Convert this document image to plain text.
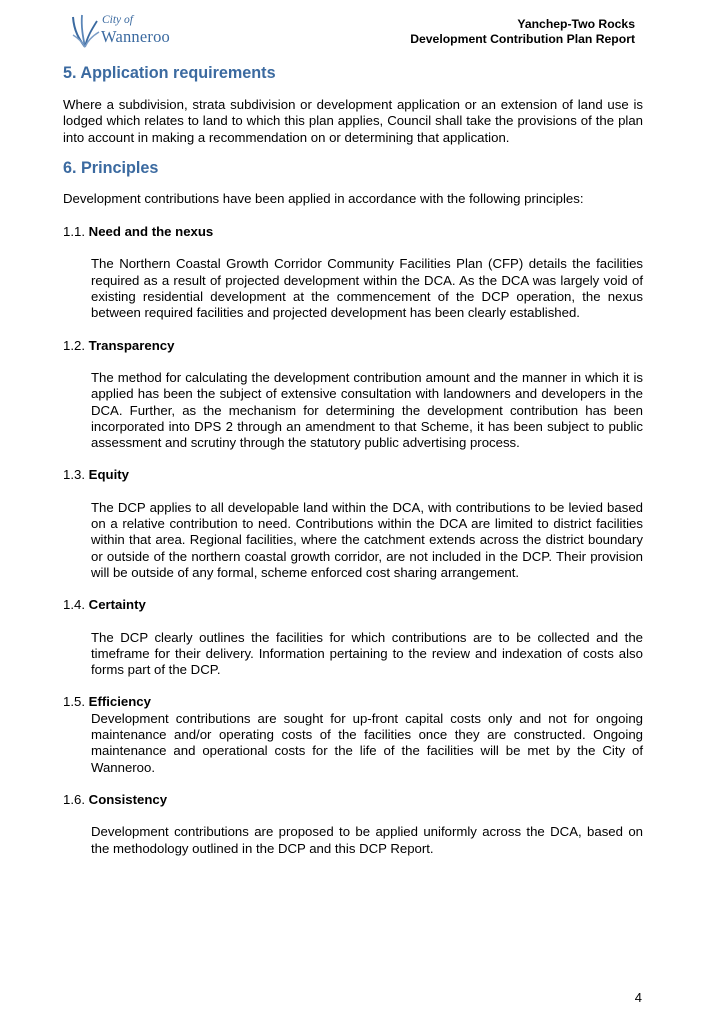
City of
Wanneroo
Yanchep-Two Rocks
Development Contribution Plan Report
5. Application requirements

Where a subdivision, strata subdivision or development application or an extension of land use is lodged which relates to land to which this plan applies, Council shall take the provisions of the plan into account in making a recommendation on or determining that application.

6. Principles

Development contributions have been applied in accordance with the following principles:

1.1. Need and the nexus

The Northern Coastal Growth Corridor Community Facilities Plan (CFP) details the facilities required as a result of projected development within the DCA. As the DCA was largely void of existing residential development at the commencement of the DCP operation, the nexus between required facilities and projected development has been clearly established.

1.2. Transparency

The method for calculating the development contribution amount and the manner in which it is applied has been the subject of extensive consultation with landowners and developers in the DCA. Further, as the mechanism for determining the development contribution has been incorporated into DPS 2 through an amendment to that Scheme, it has been subject to public assessment and scrutiny through the statutory public advertising process.

1.3. Equity

The DCP applies to all developable land within the DCA, with contributions to be levied based on a relative contribution to need. Contributions within the DCA are limited to district facilities within that area. Regional facilities, where the catchment extends across the district boundary or outside of the northern coastal growth corridor, are not included in the DCP. Their provision will be outside of any formal, scheme enforced cost sharing arrangement.

1.4. Certainty

The DCP clearly outlines the facilities for which contributions are to be collected and the timeframe for their delivery. Information pertaining to the review and indexation of costs also forms part of the DCP.

1.5. Efficiency

Development contributions are sought for up-front capital costs only and not for ongoing maintenance and/or operating costs of the facilities once they are constructed. Ongoing maintenance and operational costs for the life of the facilities will be met by the City of Wanneroo.

1.6. Consistency

Development contributions are proposed to be applied uniformly across the DCA, based on the methodology outlined in the DCP and this DCP Report.

4
